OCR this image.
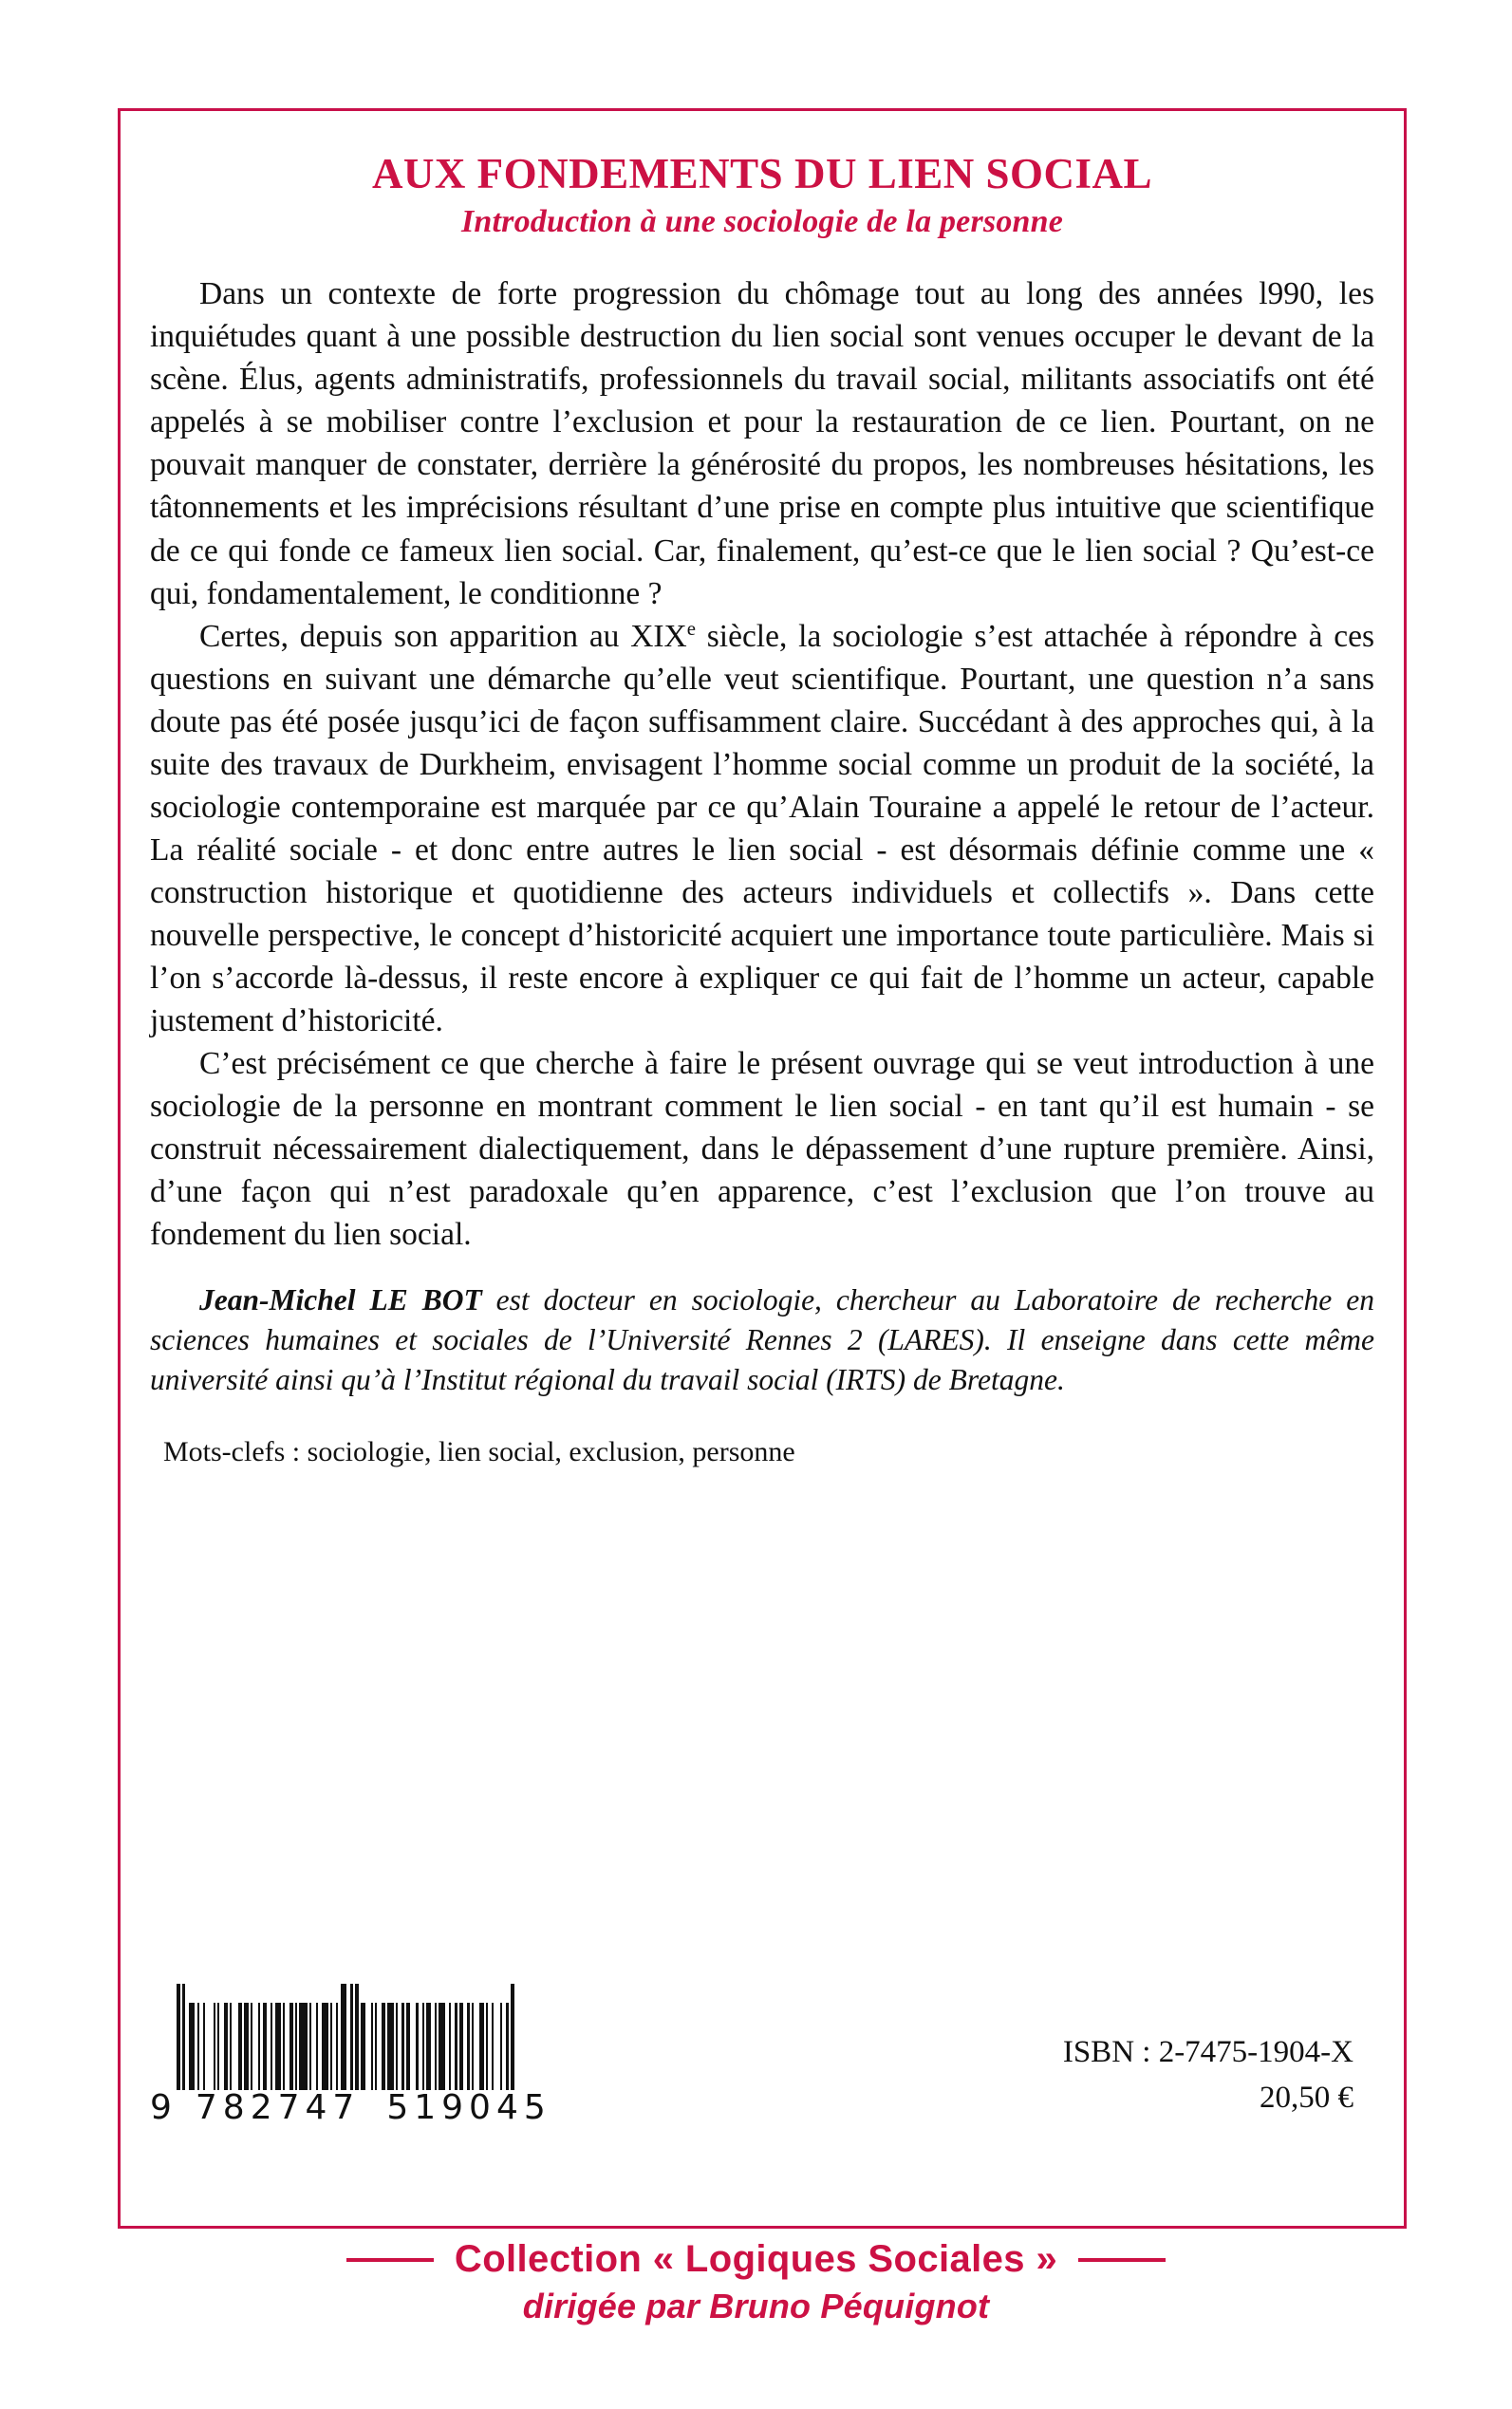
AUX FONDEMENTS DU LIEN SOCIAL
Introduction à une sociologie de la personne

Dans un contexte de forte progression du chômage tout au long des années l990, les inquiétudes quant à une possible destruction du lien social sont venues occuper le devant de la scène. Élus, agents administratifs, professionnels du travail social, militants associatifs ont été appelés à se mobiliser contre l’exclusion et pour la restauration de ce lien. Pourtant, on ne pouvait manquer de constater, derrière la générosité du propos, les nombreuses hésitations, les tâtonnements et les imprécisions résultant d’une prise en compte plus intuitive que scientifique de ce qui fonde ce fameux lien social. Car, finalement, qu’est-ce que le lien social ? Qu’est-ce qui, fondamentalement, le conditionne ?

Certes, depuis son apparition au XIXe siècle, la sociologie s’est attachée à répondre à ces questions en suivant une démarche qu’elle veut scientifique. Pourtant, une question n’a sans doute pas été posée jusqu’ici de façon suffisamment claire. Succédant à des approches qui, à la suite des travaux de Durkheim, envisagent l’homme social comme un produit de la société, la sociologie contemporaine est marquée par ce qu’Alain Touraine a appelé le retour de l’acteur. La réalité sociale - et donc entre autres le lien social - est désormais définie comme une « construction historique et quotidienne des acteurs individuels et collectifs ». Dans cette nouvelle perspective, le concept d’historicité acquiert une importance toute particulière. Mais si l’on s’accorde là-dessus, il reste encore à expliquer ce qui fait de l’homme un acteur, capable justement d’historicité.

C’est précisément ce que cherche à faire le présent ouvrage qui se veut introduction à une sociologie de la personne en montrant comment le lien social - en tant qu’il est humain - se construit nécessairement dialectiquement, dans le dépassement d’une rupture première. Ainsi, d’une façon qui n’est paradoxale qu’en apparence, c’est l’exclusion que l’on trouve au fondement du lien social.

Jean-Michel LE BOT est docteur en sociologie, chercheur au Laboratoire de recherche en sciences humaines et sociales de l’Université Rennes 2 (LARES). Il enseigne dans cette même université ainsi qu’à l’Institut régional du travail social (IRTS) de Bretagne.

Mots-clefs : sociologie, lien social, exclusion, personne

9 782747 519045
ISBN : 2-7475-1904-X
20,50 €
Collection « Logiques Sociales »
dirigée par Bruno Péquignot
